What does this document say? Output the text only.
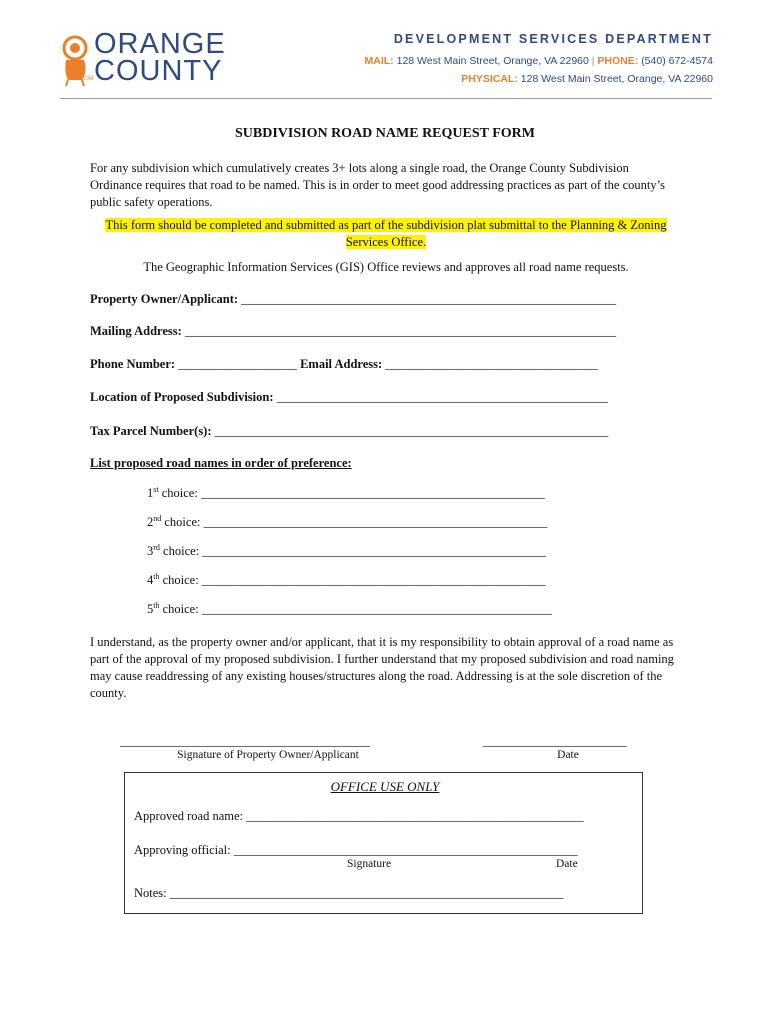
1734
ORANGE
COUNTY
DEVELOPMENT SERVICES DEPARTMENT
MAIL: 128 West Main Street, Orange, VA 22960 | PHONE: (540) 672-4574
PHYSICAL: 128 West Main Street, Orange, VA 22960
SUBDIVISION ROAD NAME REQUEST FORM
For any subdivision which cumulatively creates 3+ lots along a single road, the Orange County Subdivision Ordinance requires that road to be named. This is in order to meet good addressing practices as part of the county’s public safety operations.
This form should be completed and submitted as part of the subdivision plat submittal to the Planning & Zoning Services Office.
The Geographic Information Services (GIS) Office reviews and approves all road name requests.
Property Owner/Applicant: ____________________________________________________________
Mailing Address: _____________________________________________________________________
Phone Number: ___________________ Email Address: __________________________________
Location of Proposed Subdivision: _____________________________________________________
Tax Parcel Number(s): _______________________________________________________________
List proposed road names in order of preference:
1st choice: _______________________________________________________
2nd choice: _______________________________________________________
3rd choice: _______________________________________________________
4th choice: _______________________________________________________
5th choice: ________________________________________________________
I understand, as the property owner and/or applicant, that it is my responsibility to obtain approval of a road name as part of the approval of my proposed subdivision. I further understand that my proposed subdivision and road naming may cause readdressing of any existing houses/structures along the road. Addressing is at the sole discretion of the county.
________________________________________
Signature of Property Owner/Applicant
_______________________
Date
OFFICE USE ONLY
Approved road name: ______________________________________________________
Approving official: _______________________________________________________
Signature	Date
Notes: _______________________________________________________________
